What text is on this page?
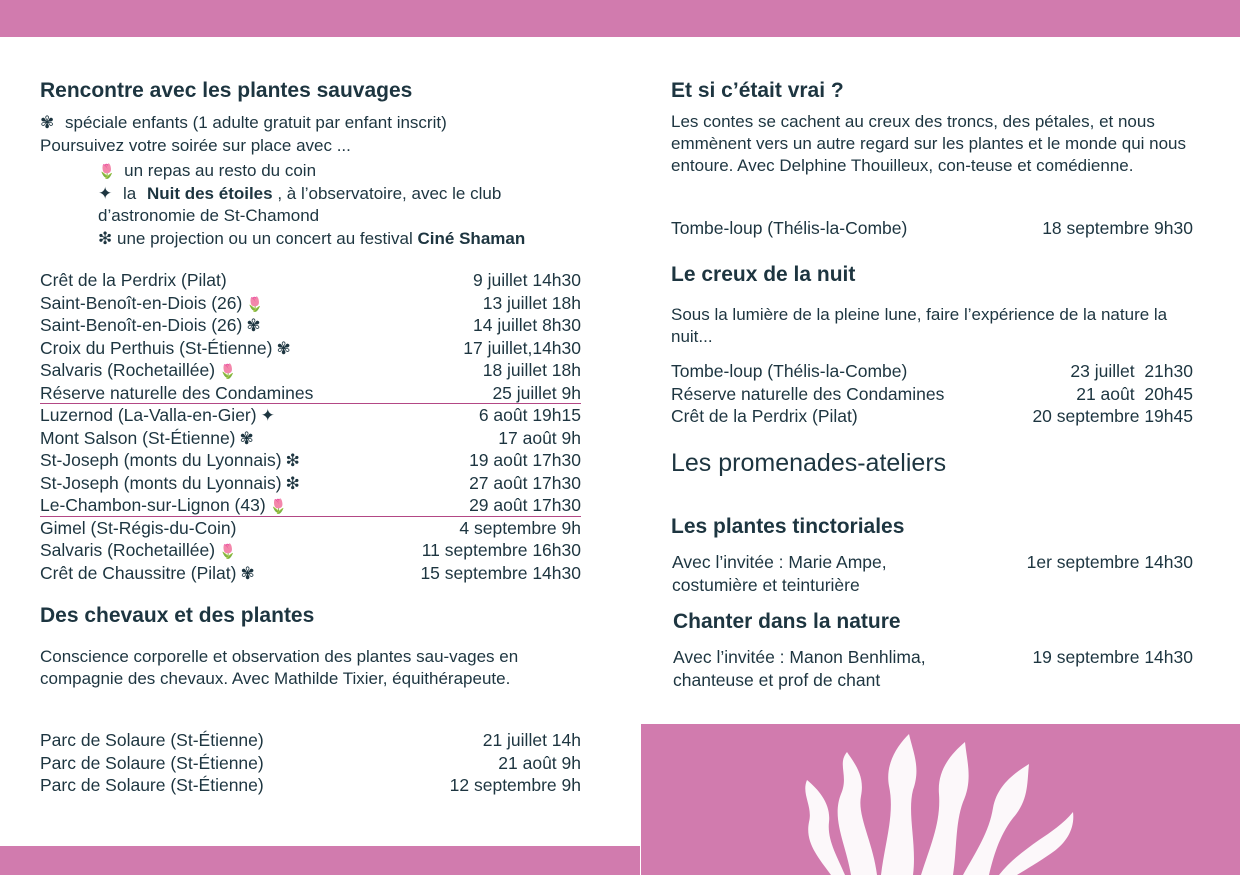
Rencontre avec les plantes sauvages
✾ spéciale enfants (1 adulte gratuit par enfant inscrit)
Poursuivez votre soirée sur place avec ...
🌷 un repas au resto du coin
✦ la Nuit des étoiles , à l’observatoire, avec le club
d’astronomie de St-Chamond
❇ une projection ou un concert au festival Ciné Shaman
Crêt de la Perdrix (Pilat)	9 juillet 14h30
Saint-Benoît-en-Diois (26) 🌷	13 juillet 18h
Saint-Benoît-en-Diois (26) ✾	14 juillet 8h30
Croix du Perthuis (St-Étienne) ✾	17 juillet,14h30
Salvaris (Rochetaillée) 🌷	18 juillet 18h
Réserve naturelle des Condamines	25 juillet 9h
Luzernod (La-Valla-en-Gier) ✦	6 août 19h15
Mont Salson (St-Étienne) ✾	17 août 9h
St-Joseph (monts du Lyonnais) ❇	19 août 17h30
St-Joseph (monts du Lyonnais) ❇	27 août 17h30
Le-Chambon-sur-Lignon (43) 🌷	29 août 17h30
Gimel (St-Régis-du-Coin)	4 septembre 9h
Salvaris (Rochetaillée) 🌷	11 septembre 16h30
Crêt de Chaussitre (Pilat) ✾	15 septembre 14h30
Des chevaux et des plantes
Conscience corporelle et observation des plantes sau-vages en compagnie des chevaux. Avec Mathilde Tixier, équithérapeute.
Parc de Solaure (St-Étienne)	21 juillet 14h
Parc de Solaure (St-Étienne)	21 août 9h
Parc de Solaure (St-Étienne)	12 septembre 9h
Et si c’était vrai ?
Les contes se cachent au creux des troncs, des pétales, et nous emmènent vers un autre regard sur les plantes et le monde qui nous entoure. Avec Delphine Thouilleux, con-teuse et comédienne.
Tombe-loup (Thélis-la-Combe)	18 septembre 9h30
Le creux de la nuit
Sous la lumière de la pleine lune, faire l’expérience de la nature la nuit...
Tombe-loup (Thélis-la-Combe)	23 juillet  21h30
Réserve naturelle des Condamines	21 août  20h45
Crêt de la Perdrix (Pilat)	20 septembre 19h45
Les promenades-ateliers
Les plantes tinctoriales
Avec l’invitée : Marie Ampe,
costumière et teinturière
1er septembre 14h30
Chanter dans la nature
Avec l’invitée : Manon Benhlima,
chanteuse et prof de chant
19 septembre 14h30
